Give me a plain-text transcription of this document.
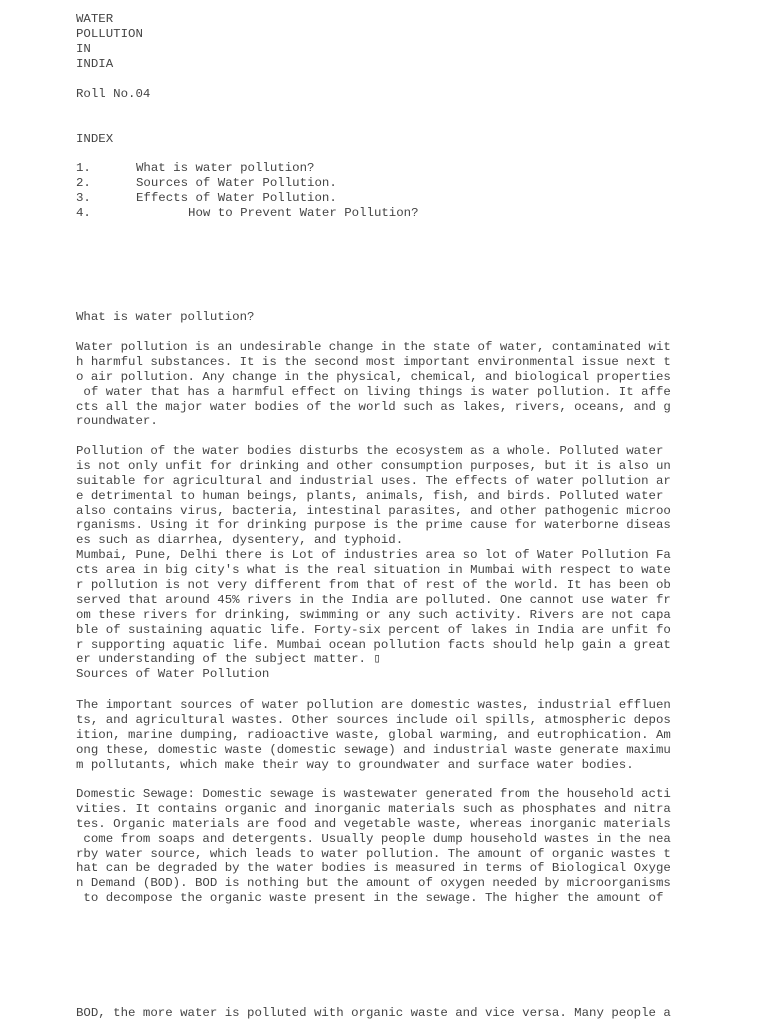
WATER
POLLUTION
IN
INDIA
Roll No.04
INDEX
1.	What is water pollution?
2.	Sources of Water Pollution.
3.	Effects of Water Pollution.
4.	How to Prevent Water Pollution?
What is water pollution?
Water pollution is an undesirable change in the state of water, contaminated wit
h harmful substances. It is the second most important environmental issue next t
o air pollution. Any change in the physical, chemical, and biological properties
of water that has a harmful effect on living things is water pollution. It affe
cts all the major water bodies of the world such as lakes, rivers, oceans, and g
roundwater.
Pollution of the water bodies disturbs the ecosystem as a whole. Polluted water
is not only unfit for drinking and other consumption purposes, but it is also un
suitable for agricultural and industrial uses. The effects of water pollution ar
e detrimental to human beings, plants, animals, fish, and birds. Polluted water
also contains virus, bacteria, intestinal parasites, and other pathogenic microo
rganisms. Using it for drinking purpose is the prime cause for waterborne diseas
es such as diarrhea, dysentery, and typhoid.
Mumbai, Pune, Delhi there is Lot of industries area so lot of Water Pollution Fa
cts area in big city's what is the real situation in Mumbai with respect to wate
r pollution is not very different from that of rest of the world. It has been ob
served that around 45% rivers in the India are polluted. One cannot use water fr
om these rivers for drinking, swimming or any such activity. Rivers are not capa
ble of sustaining aquatic life. Forty-six percent of lakes in India are unfit fo
r supporting aquatic life. Mumbai ocean pollution facts should help gain a great
er understanding of the subject matter. ▯
Sources of Water Pollution
The important sources of water pollution are domestic wastes, industrial effluen
ts, and agricultural wastes. Other sources include oil spills, atmospheric depos
ition, marine dumping, radioactive waste, global warming, and eutrophication. Am
ong these, domestic waste (domestic sewage) and industrial waste generate maximu
m pollutants, which make their way to groundwater and surface water bodies.
Domestic Sewage: Domestic sewage is wastewater generated from the household acti
vities. It contains organic and inorganic materials such as phosphates and nitra
tes. Organic materials are food and vegetable waste, whereas inorganic materials
come from soaps and detergents. Usually people dump household wastes in the nea
rby water source, which leads to water pollution. The amount of organic wastes t
hat can be degraded by the water bodies is measured in terms of Biological Oxyge
n Demand (BOD). BOD is nothing but the amount of oxygen needed by microorganisms
to decompose the organic waste present in the sewage. The higher the amount of
BOD, the more water is polluted with organic waste and vice versa. Many people a
